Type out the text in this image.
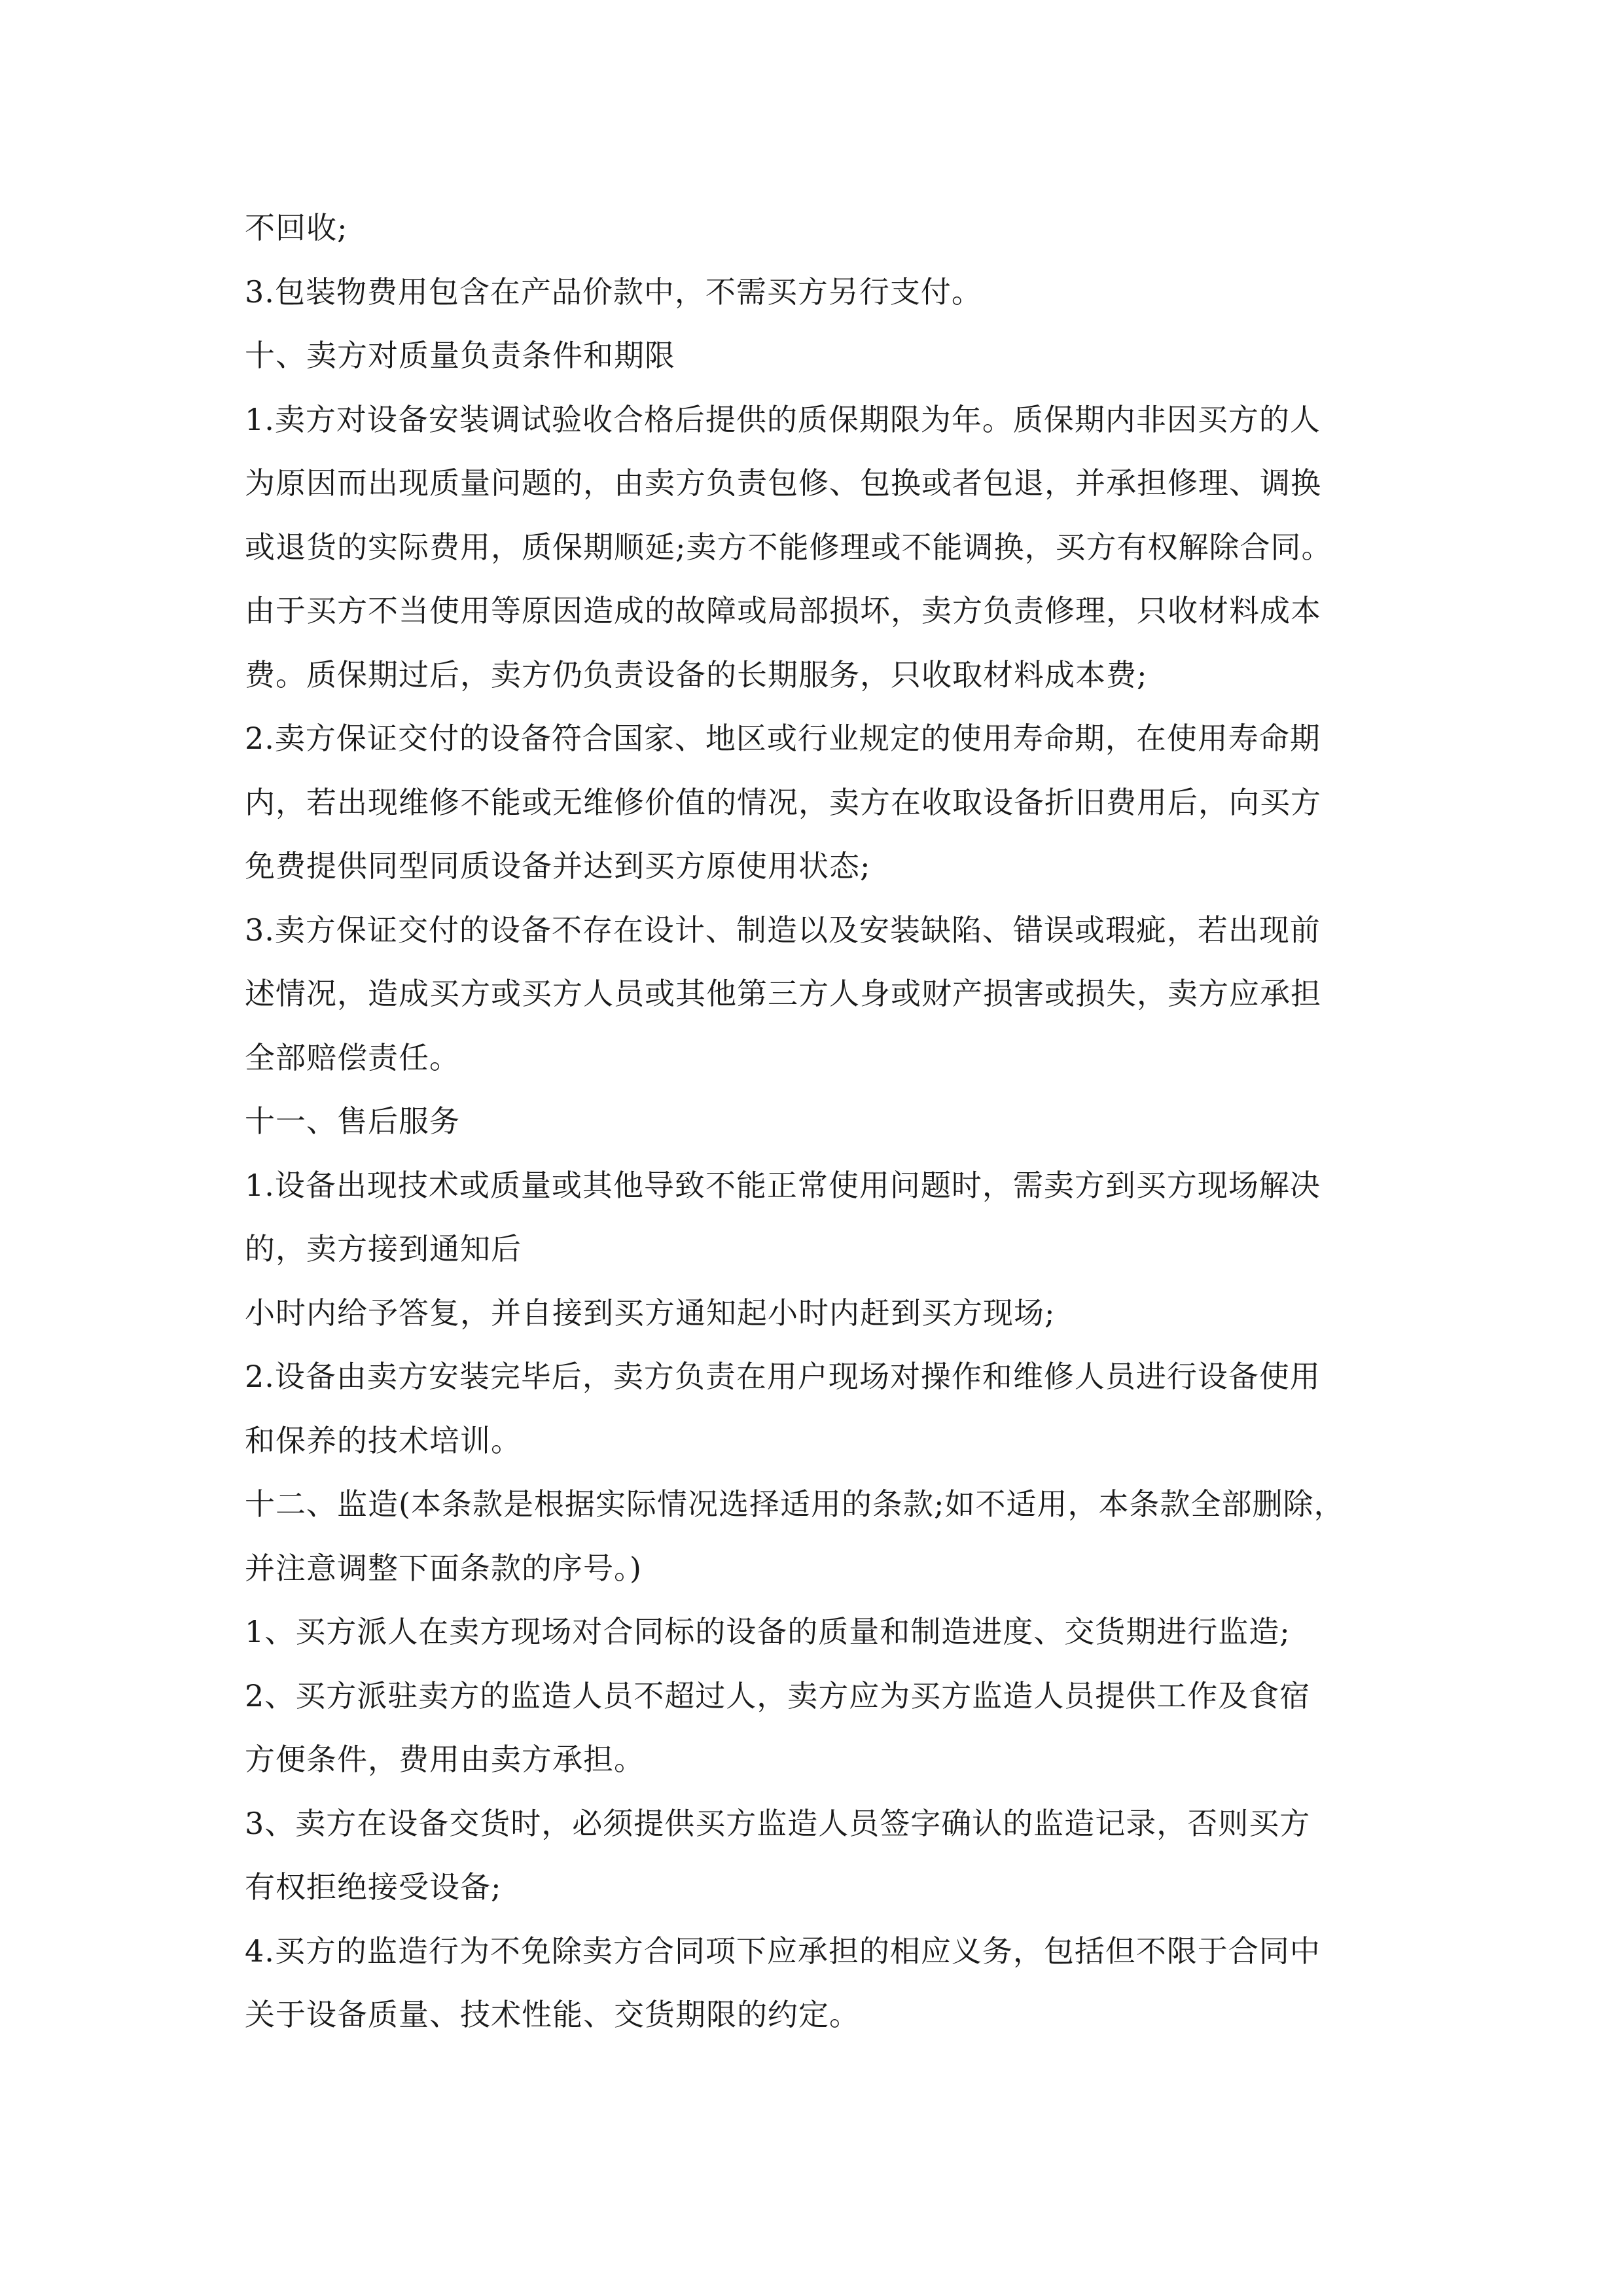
不回收;
3.包装物费用包含在产品价款中，不需买方另行支付。
十、卖方对质量负责条件和期限
1.卖方对设备安装调试验收合格后提供的质保期限为年。质保期内非因买方的人
为原因而出现质量问题的，由卖方负责包修、包换或者包退，并承担修理、调换
或退货的实际费用，质保期顺延;卖方不能修理或不能调换，买方有权解除合同。
由于买方不当使用等原因造成的故障或局部损坏，卖方负责修理，只收材料成本
费。质保期过后，卖方仍负责设备的长期服务，只收取材料成本费;
2.卖方保证交付的设备符合国家、地区或行业规定的使用寿命期，在使用寿命期
内，若出现维修不能或无维修价值的情况，卖方在收取设备折旧费用后，向买方
免费提供同型同质设备并达到买方原使用状态;
3.卖方保证交付的设备不存在设计、制造以及安装缺陷、错误或瑕疵，若出现前
述情况，造成买方或买方人员或其他第三方人身或财产损害或损失，卖方应承担
全部赔偿责任。
十一、售后服务
1.设备出现技术或质量或其他导致不能正常使用问题时，需卖方到买方现场解决
的，卖方接到通知后
小时内给予答复，并自接到买方通知起小时内赶到买方现场;
2.设备由卖方安装完毕后，卖方负责在用户现场对操作和维修人员进行设备使用
和保养的技术培训。
十二、监造(本条款是根据实际情况选择适用的条款;如不适用，本条款全部删除，
并注意调整下面条款的序号。)
1、买方派人在卖方现场对合同标的设备的质量和制造进度、交货期进行监造;
2、买方派驻卖方的监造人员不超过人，卖方应为买方监造人员提供工作及食宿
方便条件，费用由卖方承担。
3、卖方在设备交货时，必须提供买方监造人员签字确认的监造记录，否则买方
有权拒绝接受设备;
4.买方的监造行为不免除卖方合同项下应承担的相应义务，包括但不限于合同中
关于设备质量、技术性能、交货期限的约定。
